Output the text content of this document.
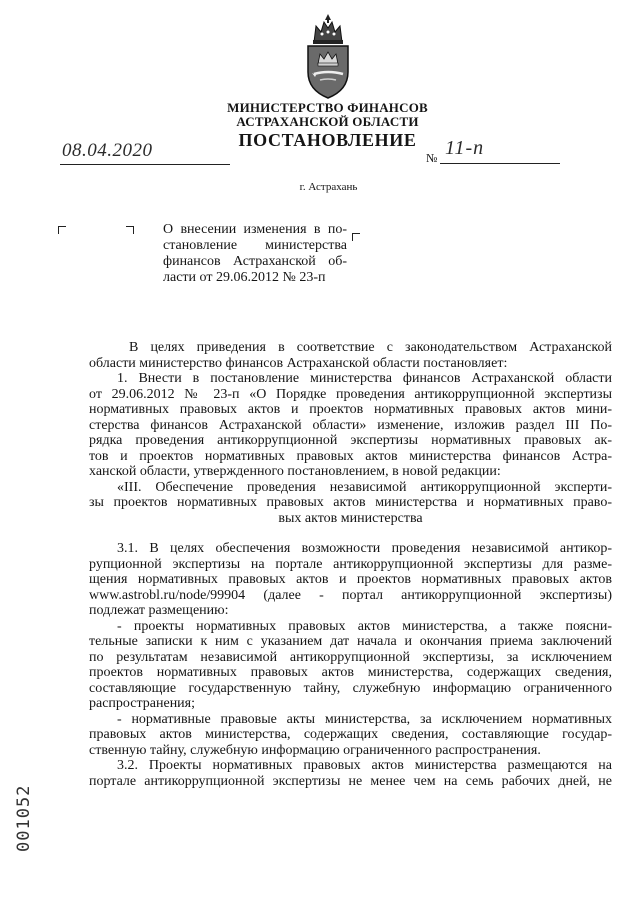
МИНИСТЕРСТВО ФИНАНСОВ
АСТРАХАНСКОЙ ОБЛАСТИ
ПОСТАНОВЛЕНИЕ
08.04.2020	№ 11-п
г. Астрахань
О внесении изменения в по-
становление министерства
финансов Астраханской об-
ласти от 29.06.2012 № 23-п
В целях приведения в соответствие с законодательством Астраханской
области министерство финансов Астраханской области постановляет:
1. Внести в постановление министерства финансов Астраханской области
от 29.06.2012 № 23-п «О Порядке проведения антикоррупционной экспертизы
нормативных правовых актов и проектов нормативных правовых актов мини-
стерства финансов Астраханской области» изменение, изложив раздел III По-
рядка проведения антикоррупционной экспертизы нормативных правовых ак-
тов и проектов нормативных правовых актов министерства финансов Астра-
ханской области, утвержденного постановлением, в новой редакции:
«III. Обеспечение проведения независимой антикоррупционной эксперти-
зы проектов нормативных правовых актов министерства и нормативных право-
вых актов министерства
3.1. В целях обеспечения возможности проведения независимой антикор-
рупционной экспертизы на портале антикоррупционной экспертизы для разме-
щения нормативных правовых актов и проектов нормативных правовых актов
www.astrobl.ru/node/99904 (далее - портал антикоррупционной экспертизы)
подлежат размещению:
- проекты нормативных правовых актов министерства, а также поясни-
тельные записки к ним с указанием дат начала и окончания приема заключений
по результатам независимой антикоррупционной экспертизы, за исключением
проектов нормативных правовых актов министерства, содержащих сведения,
составляющие государственную тайну, служебную информацию ограниченного
распространения;
- нормативные правовые акты министерства, за исключением нормативных
правовых актов министерства, содержащих сведения, составляющие государ-
ственную тайну, служебную информацию ограниченного распространения.
3.2. Проекты нормативных правовых актов министерства размещаются на
портале антикоррупционной экспертизы не менее чем на семь рабочих дней, не
001052
